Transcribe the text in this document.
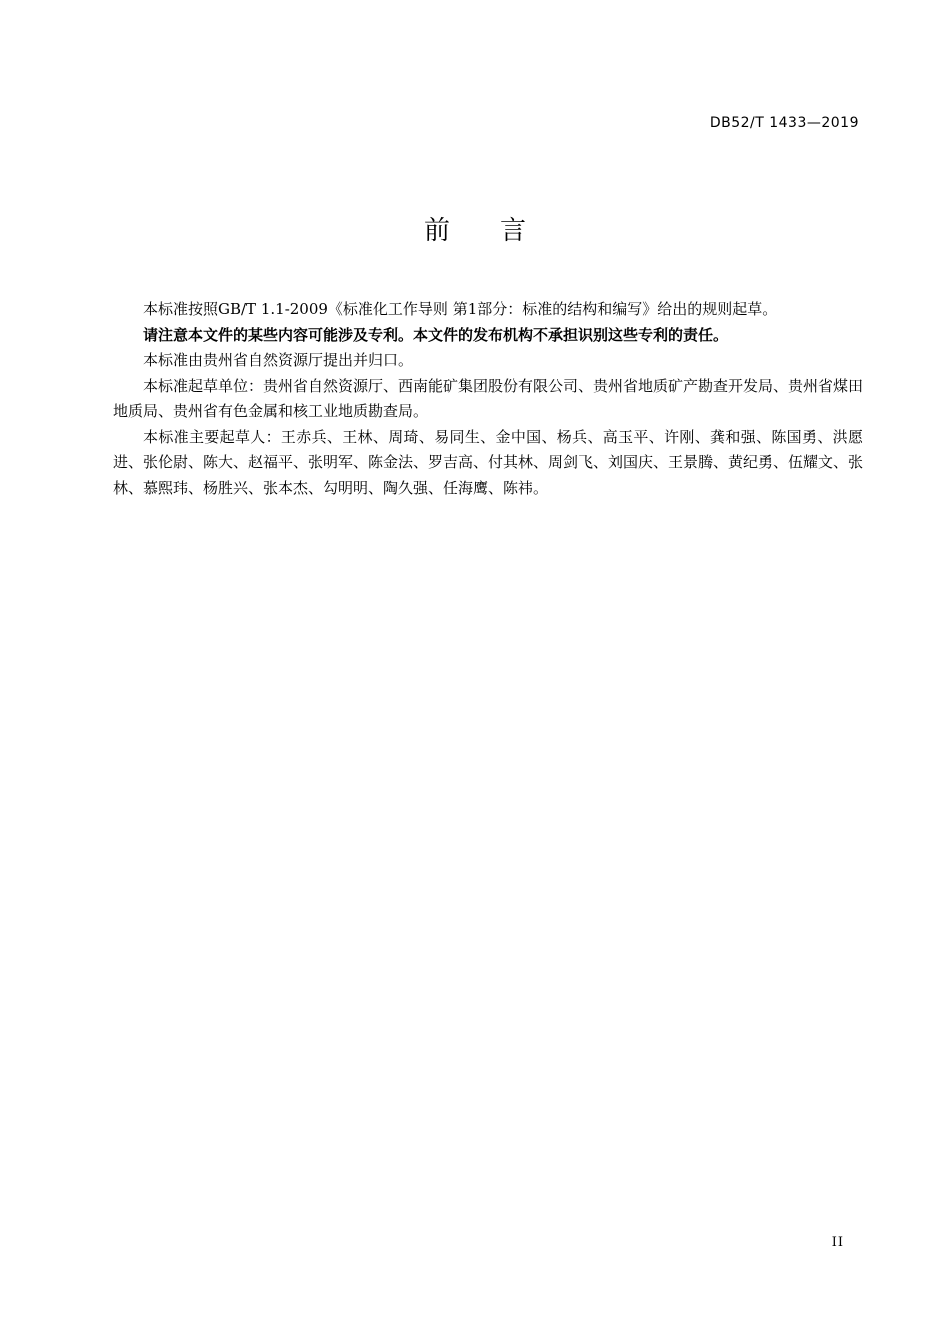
DB52/T 1433—2019
前 言

本标准按照GB/T 1.1-2009《标准化工作导则 第1部分：标准的结构和编写》给出的规则起草。

请注意本文件的某些内容可能涉及专利。本文件的发布机构不承担识别这些专利的责任。

本标准由贵州省自然资源厅提出并归口。

本标准起草单位：贵州省自然资源厅、西南能矿集团股份有限公司、贵州省地质矿产勘查开发局、贵州省煤田地质局、贵州省有色金属和核工业地质勘查局。

本标准主要起草人：王赤兵、王林、周琦、易同生、金中国、杨兵、高玉平、许刚、龚和强、陈国勇、洪愿进、张伦尉、陈大、赵福平、张明军、陈金法、罗吉高、付其林、周剑飞、刘国庆、王景腾、黄纪勇、伍耀文、张林、慕熙玮、杨胜兴、张本杰、勾明明、陶久强、任海鹰、陈祎。

II
